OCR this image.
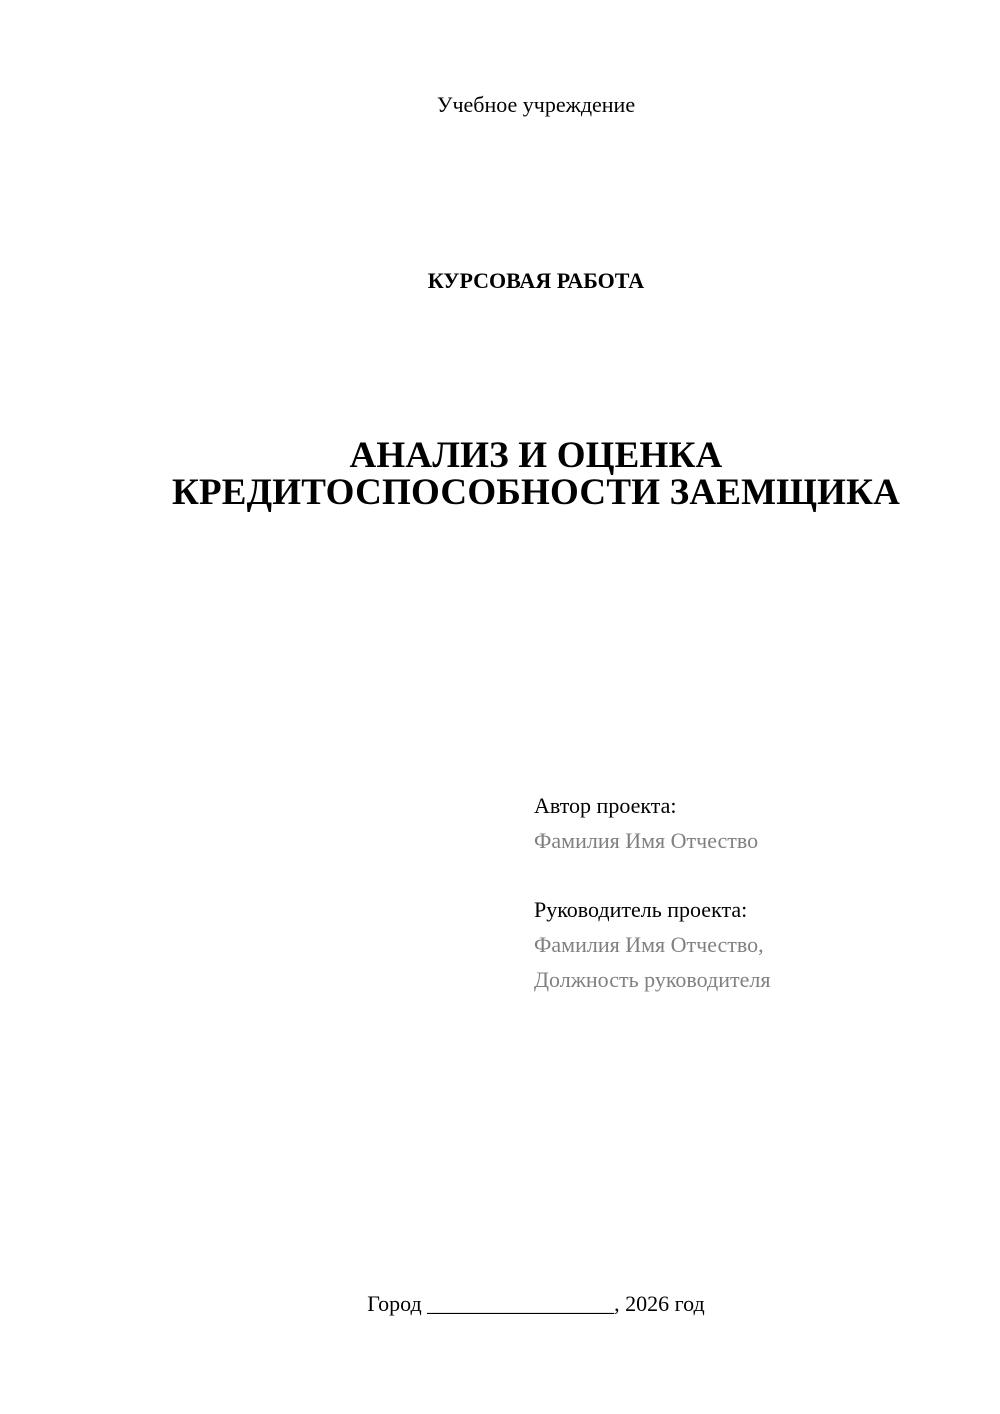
Учебное учреждение
КУРСОВАЯ РАБОТА
АНАЛИЗ И ОЦЕНКА
КРЕДИТОСПОСОБНОСТИ ЗАЕМЩИКА
Автор проекта:
Фамилия Имя Отчество
Руководитель проекта:
Фамилия Имя Отчество,
Должность руководителя
Город _________________, 2026 год
